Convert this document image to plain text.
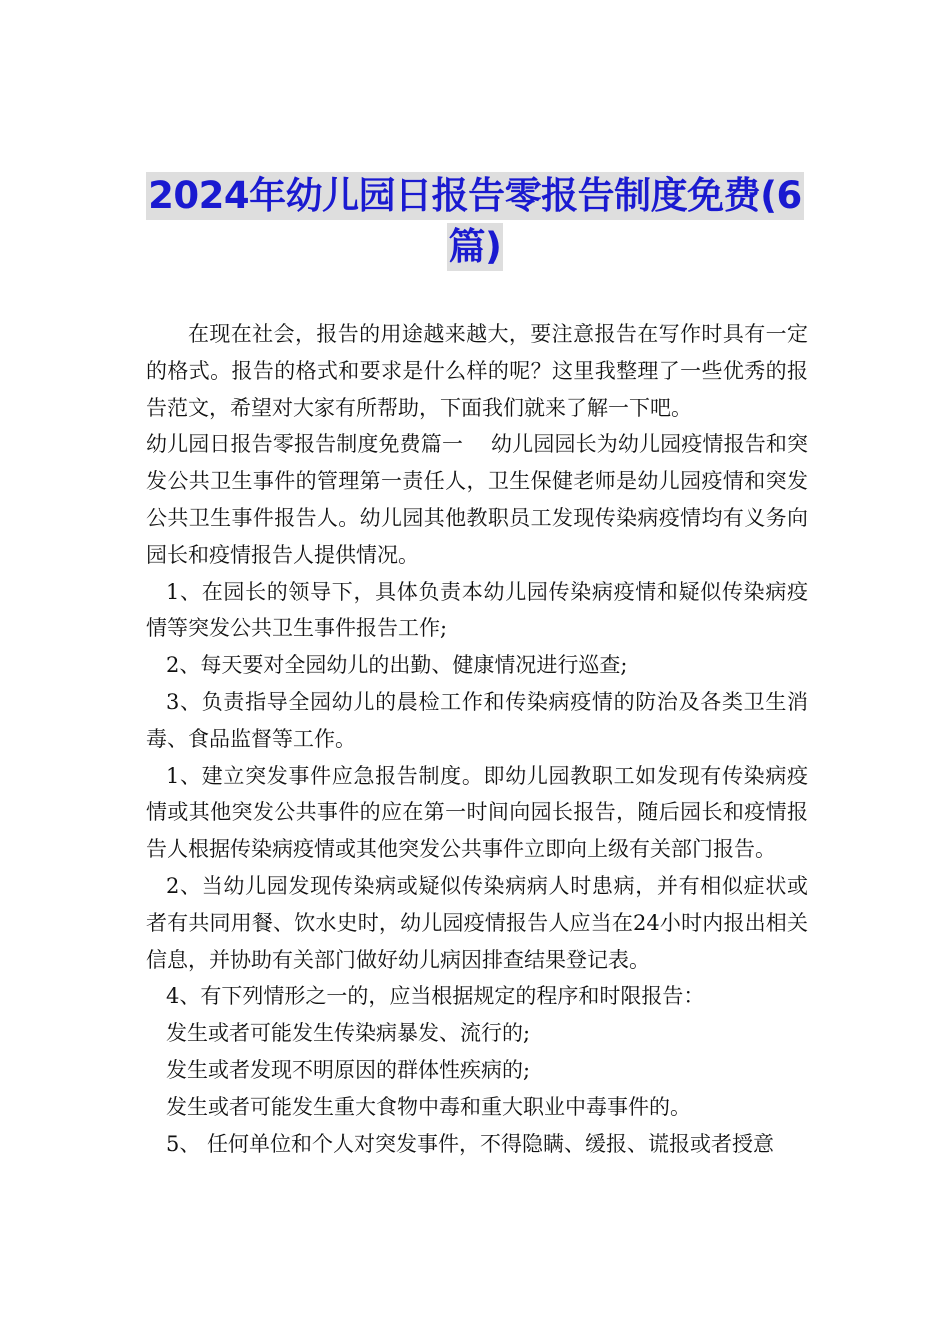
2024年幼儿园日报告零报告制度免费(6
篇)

在现在社会，报告的用途越来越大，要注意报告在写作时具有一定的格式。报告的格式和要求是什么样的呢？这里我整理了一些优秀的报告范文，希望对大家有所帮助，下面我们就来了解一下吧。

幼儿园日报告零报告制度免费篇一　 幼儿园园长为幼儿园疫情报告和突发公共卫生事件的管理第一责任人，卫生保健老师是幼儿园疫情和突发公共卫生事件报告人。幼儿园其他教职员工发现传染病疫情均有义务向园长和疫情报告人提供情况。

1、在园长的领导下，具体负责本幼儿园传染病疫情和疑似传染病疫情等突发公共卫生事件报告工作;

2、每天要对全园幼儿的出勤、健康情况进行巡查;

3、负责指导全园幼儿的晨检工作和传染病疫情的防治及各类卫生消毒、食品监督等工作。

1、建立突发事件应急报告制度。即幼儿园教职工如发现有传染病疫情或其他突发公共事件的应在第一时间向园长报告，随后园长和疫情报告人根据传染病疫情或其他突发公共事件立即向上级有关部门报告。

2、当幼儿园发现传染病或疑似传染病病人时患病，并有相似症状或者有共同用餐、饮水史时，幼儿园疫情报告人应当在24小时内报出相关信息，并协助有关部门做好幼儿病因排查结果登记表。

4、有下列情形之一的，应当根据规定的程序和时限报告：

发生或者可能发生传染病暴发、流行的;

发生或者发现不明原因的群体性疾病的;

发生或者可能发生重大食物中毒和重大职业中毒事件的。

5、 任何单位和个人对突发事件，不得隐瞒、缓报、谎报或者授意
